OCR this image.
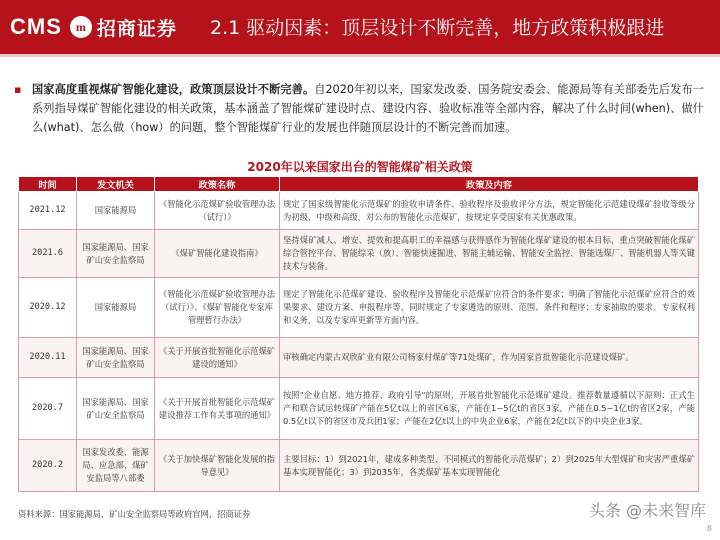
CMS	m 招商证券 2.1 驱动因素：顶层设计不断完善，地方政策积极跟进
▪ 国家高度重视煤矿智能化建设，政策顶层设计不断完善。自2020年初以来，国家发改委、国务院安委会、能源局等有关部委先后发布一系列指导煤矿智能化建设的相关政策，基本涵盖了智能煤矿建设时点、建设内容、验收标准等全部内容，解决了什么时间(when)、做什么(what)、怎么做（how）的问题，整个智能煤矿行业的发展也伴随顶层设计的不断完善而加速。
2020年以来国家出台的智能煤矿相关政策
时间	发文机关	政策名称	政策及内容
2021.12	国家能源局	《智能化示范煤矿验收管理办法（试行）》	规定了国家级智能化示范煤矿的验收申请条件、验收程序及验收评分方法，规定智能化示范建设煤矿验收等级分为初级、中级和高级，对公布的智能化示范煤矿，按规定享受国家有关优惠政策。
2021.6	国家能源局、国家矿山安全监察局	《煤矿智能化建设指南》	坚持煤矿减人、增安、提效和提高职工的幸福感与获得感作为智能化煤矿建设的根本目标，重点突破智能化煤矿综合管控平台、智能综采（放）、智能快速掘进、智能主辅运输、智能安全监控、智能选煤厂、智能机器人等关键技术与装备。
2020.12	国家能源局	《智能化示范煤矿验收管理办法（试行）》、《煤矿智能化专家库管理暂行办法》	规定了智能化示范煤矿建设、验收程序及智能化示范煤矿应符合的条件要求；明确了智能化示范煤矿应符合的效果要求、建设方案、申报程序等，同时规定了专家遴选的原则、范围、条件和程序；专家抽取的要求、专家权利和义务，以及专家库更新等方面内容。
2020.11	国家能源局、国家矿山安全监察局	《关于开展首批智能化示范煤矿建设的通知》	审核确定内蒙古双欣矿业有限公司杨家村煤矿等71处煤矿，作为国家首批智能化示范建设煤矿。
2020.7	国家能源局、国家矿山安全监察局	《关于开展首批智能化示范煤矿建设推荐工作有关事项的通知》	按照"企业自愿、地方推荐、政府引导"的原则，开展首批智能化示范煤矿建设。推荐数量遵循以下原则：正式生产和联合试运转煤矿产能在5亿t以上的省区6家，产能在1~5亿t的省区3家，产能在0.5~1亿t的省区2家，产能0.5亿t以下的省区市及兵团1家；产能在2亿t以上的中央企业6家，产能在2亿t以下的中央企业3家。
2020.2	国家发改委、能源局、应急部、煤矿安监局等八部委	《关于加快煤矿智能化发展的指导意见》	主要目标：1）到2021年，建成多种类型、不同模式的智能化示范煤矿；2）到2025年大型煤矿和灾害严重煤矿基本实现智能化；3）到2035年，各类煤矿基本实现智能化
资料来源：国家能源局，矿山安全监察局等政府官网，招商证券	头条 @未来智库
8
